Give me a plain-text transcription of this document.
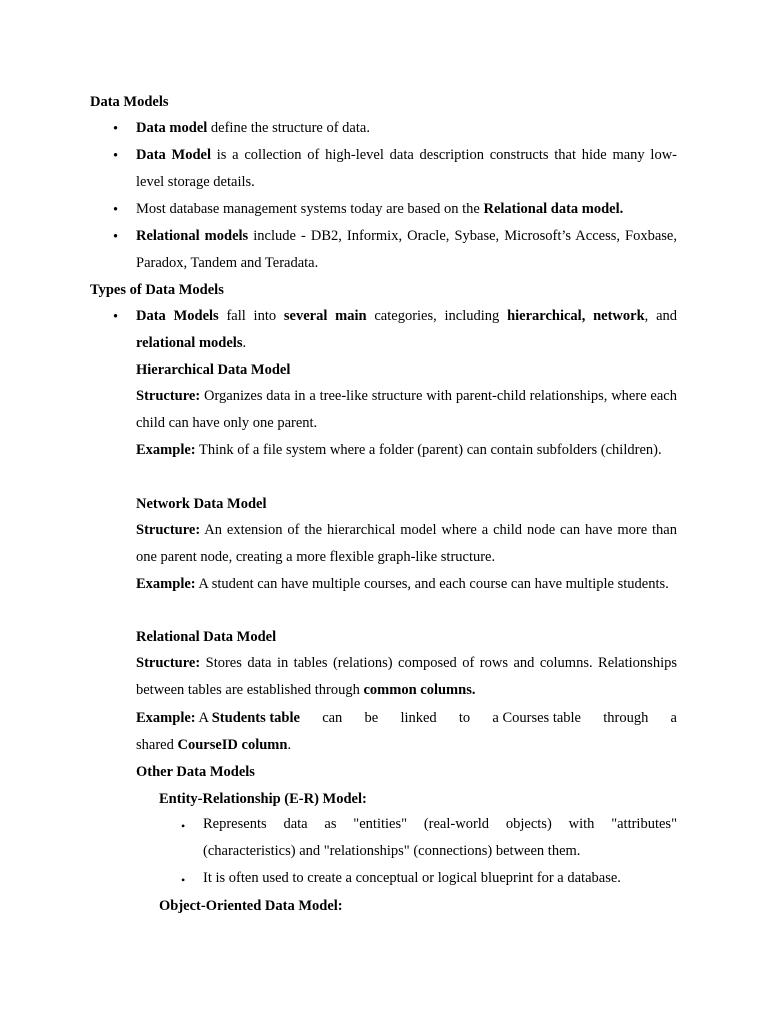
Data Models
• Data model define the structure of data.
• Data Model is a collection of high-level data description constructs that hide many low-level storage details.
• Most database management systems today are based on the Relational data model.
• Relational models include - DB2, Informix, Oracle, Sybase, Microsoft’s Access, Foxbase, Paradox, Tandem and Teradata.
Types of Data Models
• Data Models fall into several main categories, including hierarchical, network, and relational models.
Hierarchical Data Model
Structure: Organizes data in a tree-like structure with parent-child relationships, where each child can have only one parent.
Example: Think of a file system where a folder (parent) can contain subfolders (children).
Network Data Model
Structure: An extension of the hierarchical model where a child node can have more than one parent node, creating a more flexible graph-like structure.
Example: A student can have multiple courses, and each course can have multiple students.
Relational Data Model
Structure: Stores data in tables (relations) composed of rows and columns. Relationships between tables are established through common columns.
Example: A Students table can be linked to a Courses table through a
shared CourseID column.
Other Data Models
Entity-Relationship (E-R) Model:
• Represents data as "entities" (real-world objects) with "attributes" (characteristics) and "relationships" (connections) between them.
• It is often used to create a conceptual or logical blueprint for a database.
Object-Oriented Data Model:
